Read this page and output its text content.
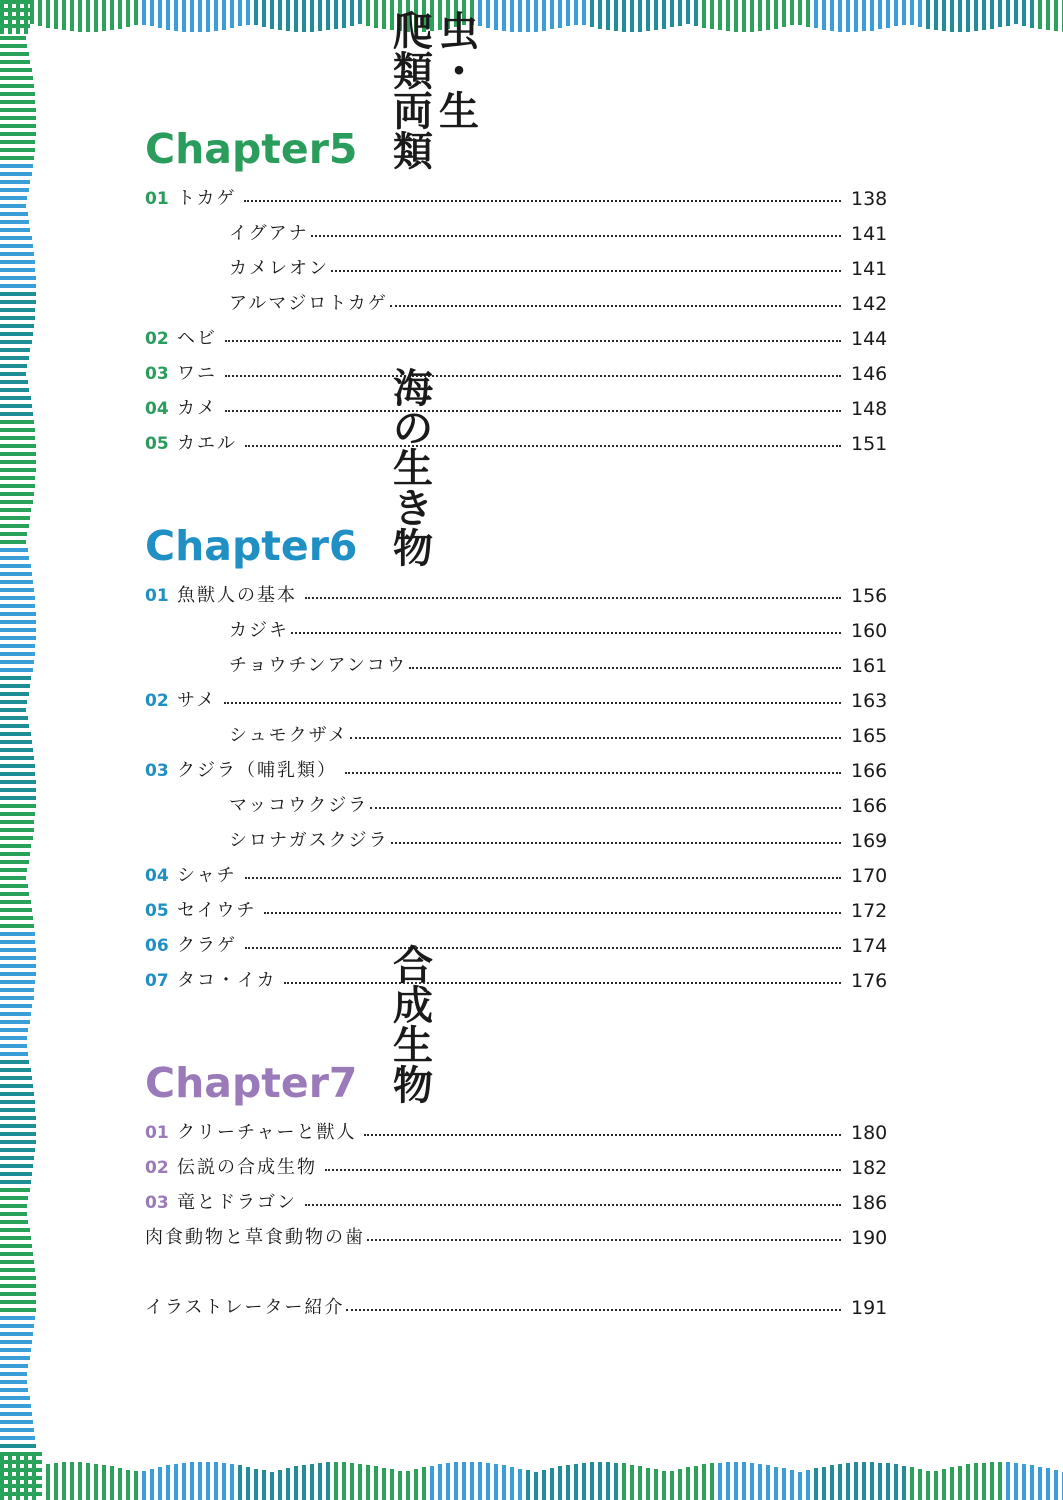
Chapter5
爬虫類・両生類
01 トカゲ	138
イグアナ	141
カメレオン	141
アルマジロトカゲ	142
02 ヘビ	144
03 ワニ	146
04 カメ	148
05 カエル	151
Chapter6
海の生き物
01 魚獣人の基本	156
カジキ	160
チョウチンアンコウ	161
02 サメ	163
シュモクザメ	165
03 クジラ（哺乳類）	166
マッコウクジラ	166
シロナガスクジラ	169
04 シャチ	170
05 セイウチ	172
06 クラゲ	174
07 タコ・イカ	176
Chapter7
合成生物
01 クリーチャーと獣人	180
02 伝説の合成生物	182
03 竜とドラゴン	186
肉食動物と草食動物の歯	190
イラストレーター紹介	191
